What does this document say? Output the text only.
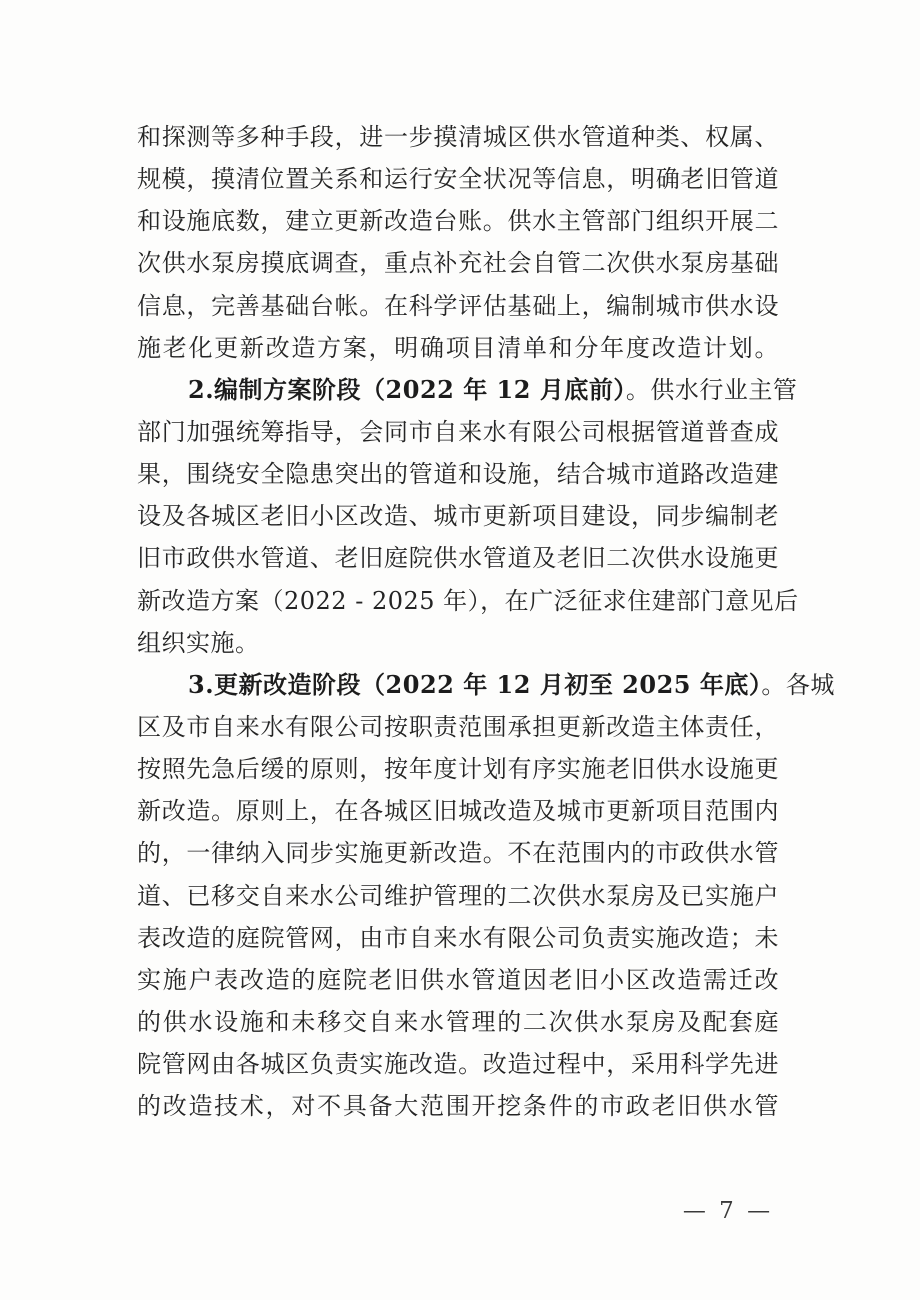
和探测等多种手段，进一步摸清城区供水管道种类、权属、
规模，摸清位置关系和运行安全状况等信息，明确老旧管道
和设施底数，建立更新改造台账。供水主管部门组织开展二
次供水泵房摸底调查，重点补充社会自管二次供水泵房基础
信息，完善基础台帐。在科学评估基础上，编制城市供水设
施老化更新改造方案，明确项目清单和分年度改造计划。
2.编制方案阶段（2022 年 12 月底前）。供水行业主管
部门加强统筹指导，会同市自来水有限公司根据管道普查成
果，围绕安全隐患突出的管道和设施，结合城市道路改造建
设及各城区老旧小区改造、城市更新项目建设，同步编制老
旧市政供水管道、老旧庭院供水管道及老旧二次供水设施更
新改造方案（2022 - 2025 年），在广泛征求住建部门意见后
组织实施。
3.更新改造阶段（2022 年 12 月初至 2025 年底）。各城
区及市自来水有限公司按职责范围承担更新改造主体责任，
按照先急后缓的原则，按年度计划有序实施老旧供水设施更
新改造。原则上，在各城区旧城改造及城市更新项目范围内
的，一律纳入同步实施更新改造。不在范围内的市政供水管
道、已移交自来水公司维护管理的二次供水泵房及已实施户
表改造的庭院管网，由市自来水有限公司负责实施改造；未
实施户表改造的庭院老旧供水管道因老旧小区改造需迁改
的供水设施和未移交自来水管理的二次供水泵房及配套庭
院管网由各城区负责实施改造。改造过程中，采用科学先进
的改造技术，对不具备大范围开挖条件的市政老旧供水管
— 7 —
